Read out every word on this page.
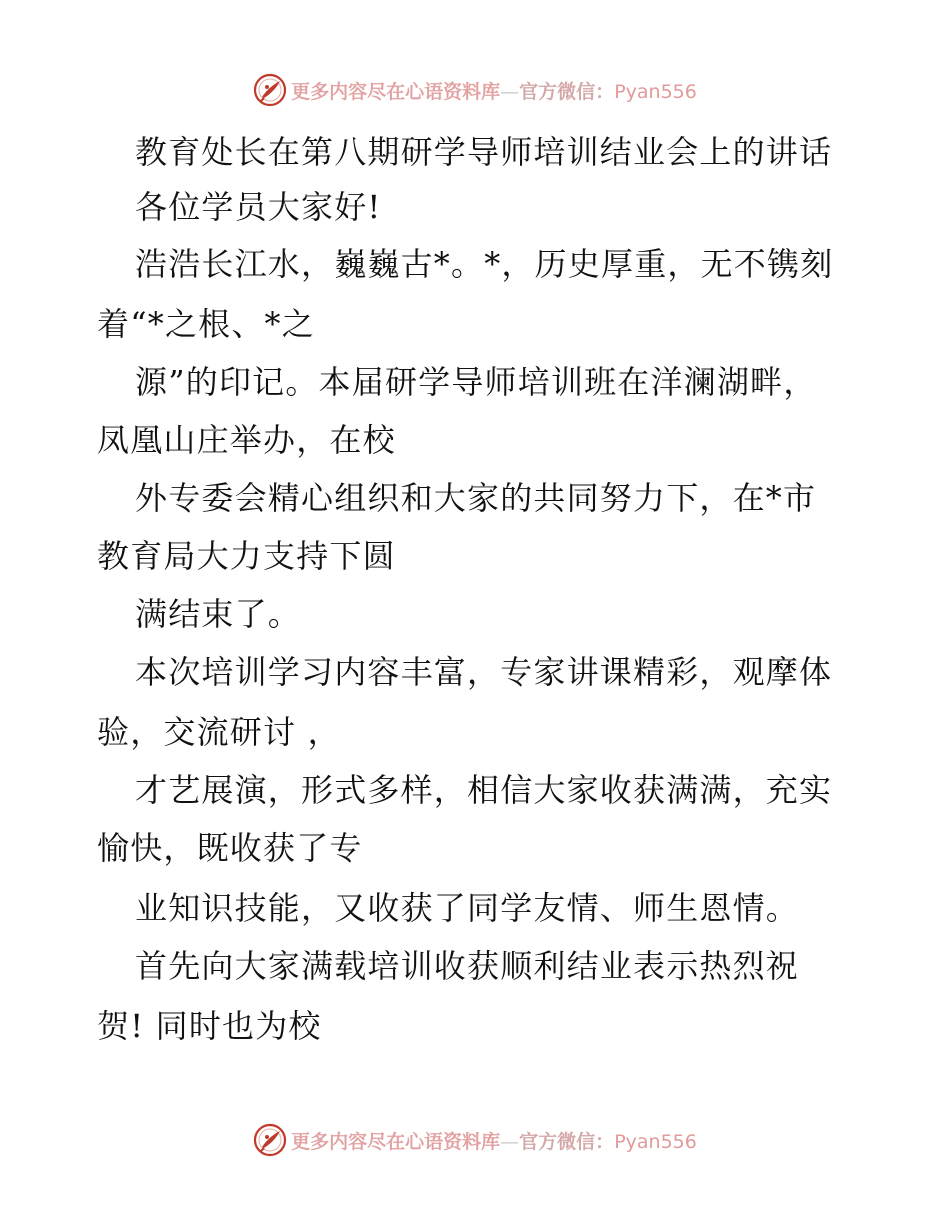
更多内容尽在心语资料库—官方微信：Pyan556
教育处长在第八期研学导师培训结业会上的讲话
各位学员大家好!
浩浩长江水，巍巍古*。*，历史厚重，无不镌刻
着“*之根、*之
源”的印记。本届研学导师培训班在洋澜湖畔，
凤凰山庄举办，在校
外专委会精心组织和大家的共同努力下，在*市
教育局大力支持下圆
满结束了。
本次培训学习内容丰富，专家讲课精彩，观摩体
验，交流研讨 ，
才艺展演，形式多样，相信大家收获满满，充实
愉快，既收获了专
业知识技能，又收获了同学友情、师生恩情。
首先向大家满载培训收获顺利结业表示热烈祝
贺! 同时也为校
更多内容尽在心语资料库—官方微信：Pyan556
